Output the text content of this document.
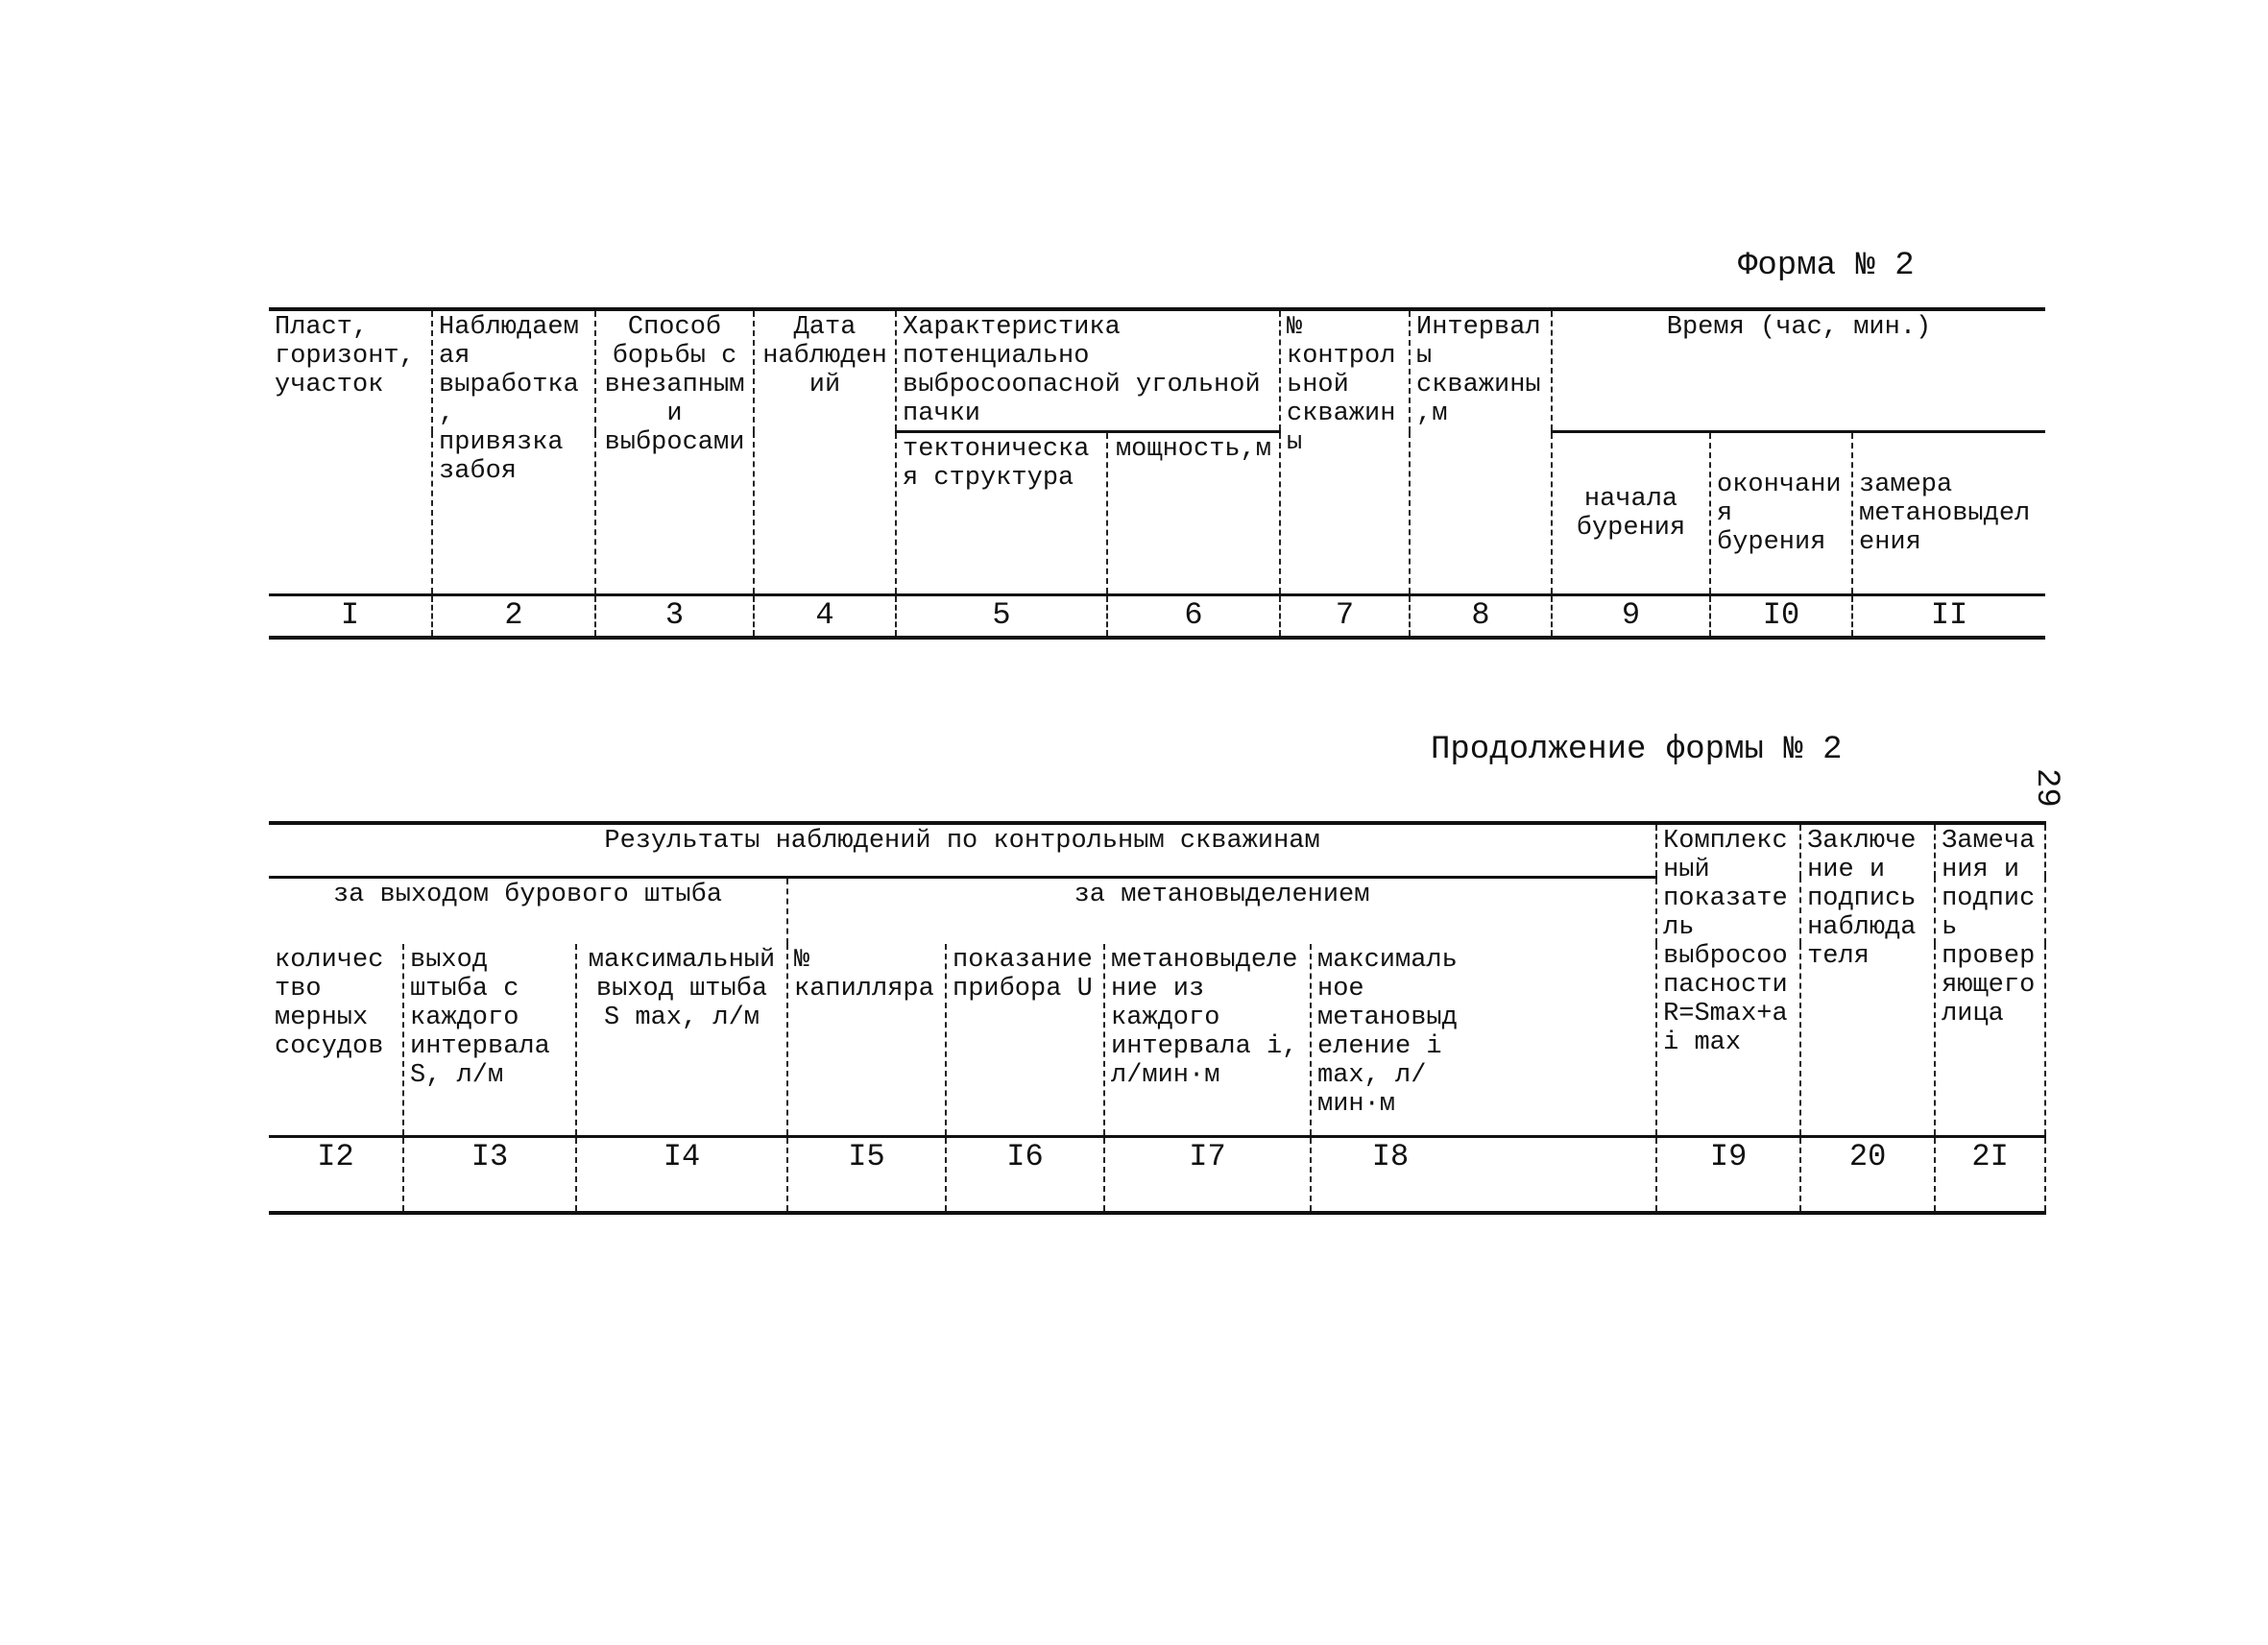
Форма № 2
Пласт, горизонт, участок	Наблюдаемая выработка, привязка забоя	Способ борьбы с внезапными выбросами	Дата наблюдений	Характеристика потенциально выбросоопасной угольной пачки		№ контрольной скважины	Интервалы скважины,м	Время (час, мин.)		
				тектоническая структура	мощность,м			начала бурения	окончания бурения	замера метановыделения
I	2	3	4	5	6	7	8	9	I0	II
Продолжение формы № 2
29
Результаты наблюдений по контрольным скважинам								Комплексный показатель выбросоопасности R=Smax+ai max	Заключение и подпись наблюдателя	Замечания и подпись проверяющего лица	
за выходом бурового штыба			за метановыделением								
количество мерных сосудов	выход штыба с каждого интервала S, л/м	максимальный выход штыба S max, л/м	№ капилляра	показание прибора U	метановыделение из каждого интервала i, л/мин·м	максимальное метановыделение i max, л/мин·м					
I2	I3	I4	I5	I6	I7	I8		I9	20	2I	
